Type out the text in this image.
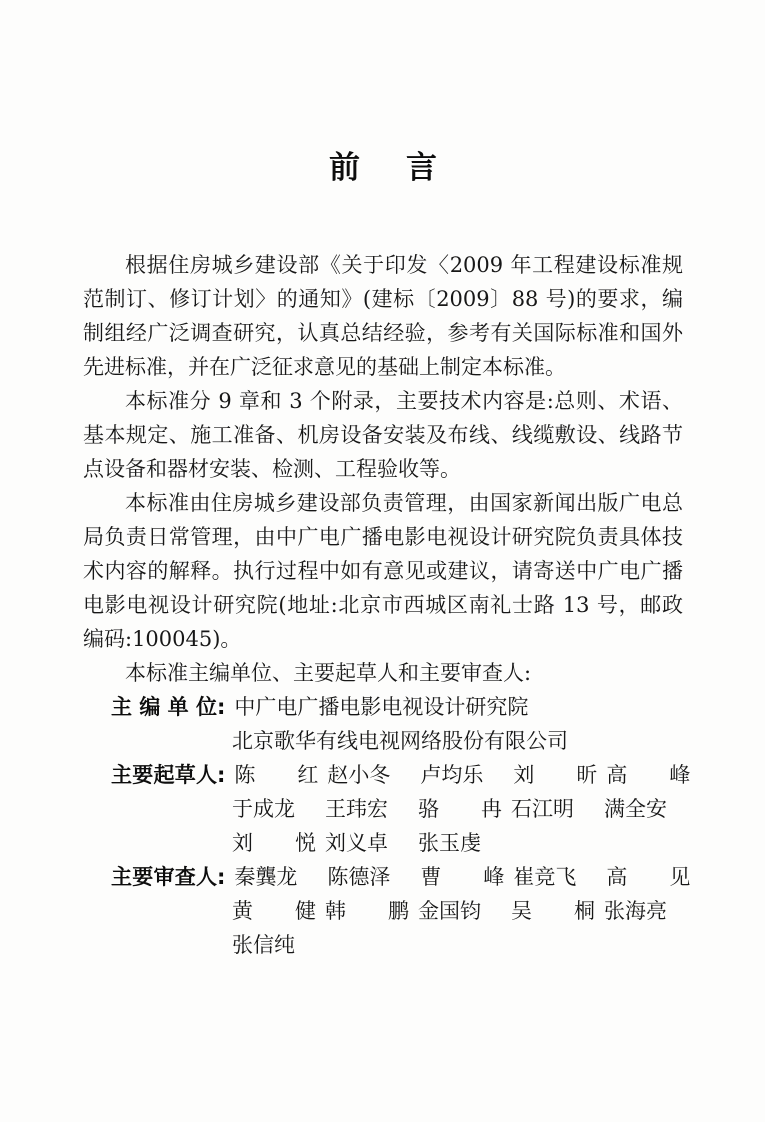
前 言

根据住房城乡建设部《关于印发〈2009 年工程建设标准规范制订、修订计划〉的通知》(建标〔2009〕88 号)的要求，编制组经广泛调查研究，认真总结经验，参考有关国际标准和国外先进标准，并在广泛征求意见的基础上制定本标准。

本标准分 9 章和 3 个附录，主要技术内容是:总则、术语、基本规定、施工准备、机房设备安装及布线、线缆敷设、线路节点设备和器材安装、检测、工程验收等。

本标准由住房城乡建设部负责管理，由国家新闻出版广电总局负责日常管理，由中广电广播电影电视设计研究院负责具体技术内容的解释。执行过程中如有意见或建议，请寄送中广电广播电影电视设计研究院(地址:北京市西城区南礼士路 13 号，邮政编码:100045)。

本标准主编单位、主要起草人和主要审查人:

主 编 单 位 : 中广电广播电影电视设计研究院
北京歌华有线电视网络股份有限公司
主 要 起 草 人 : 陈　　红 赵小冬 卢均乐 刘　　昕 高　　峰
于成龙 王玮宏 骆　　冉 石江明 满全安
刘　　悦 刘义卓 张玉虔
主 要 审 查 人 : 秦龔龙 陈德泽 曹　　峰 崔竞飞 高　　见
黄　　健 韩　　鹏 金国钧 吴　　桐 张海亮
张信纯
